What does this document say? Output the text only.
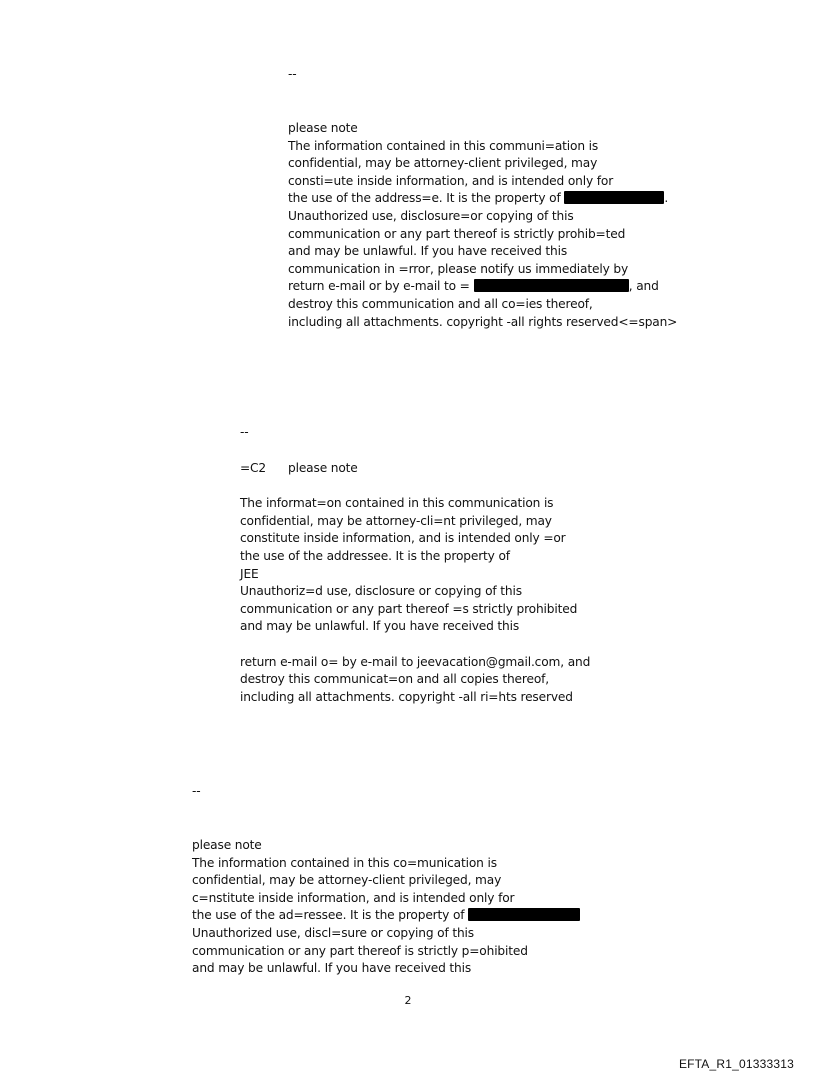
--
please note
The information contained in this communi=ation is
confidential, may be attorney-client privileged, may
consti=ute inside information, and is intended only for
the use of the address=e. It is the property of	.
Unauthorized use, disclosure=or copying of this
communication or any part thereof is strictly prohib=ted
and may be unlawful. If you have received this
communication in =rror, please notify us immediately by
return e-mail or by e-mail to =	, and
destroy this communication and all co=ies thereof,
including all attachments. copyright -all rights reserved<=span>
--
=C2 please note
The informat=on contained in this communication is
confidential, may be attorney-cli=nt privileged, may
constitute inside information, and is intended only =or
the use of the addressee. It is the property of
JEE
Unauthoriz=d use, disclosure or copying of this
communication or any part thereof =s strictly prohibited
and may be unlawful. If you have received this
return e-mail o= by e-mail to jeevacation@gmail.com, and
destroy this communicat=on and all copies thereof,
including all attachments. copyright -all ri=hts reserved
--
please note
The information contained in this co=munication is
confidential, may be attorney-client privileged, may
c=nstitute inside information, and is intended only for
the use of the ad=ressee. It is the property of
Unauthorized use, discl=sure or copying of this
communication or any part thereof is strictly p=ohibited
and may be unlawful. If you have received this
2
EFTA_R1_01333313
